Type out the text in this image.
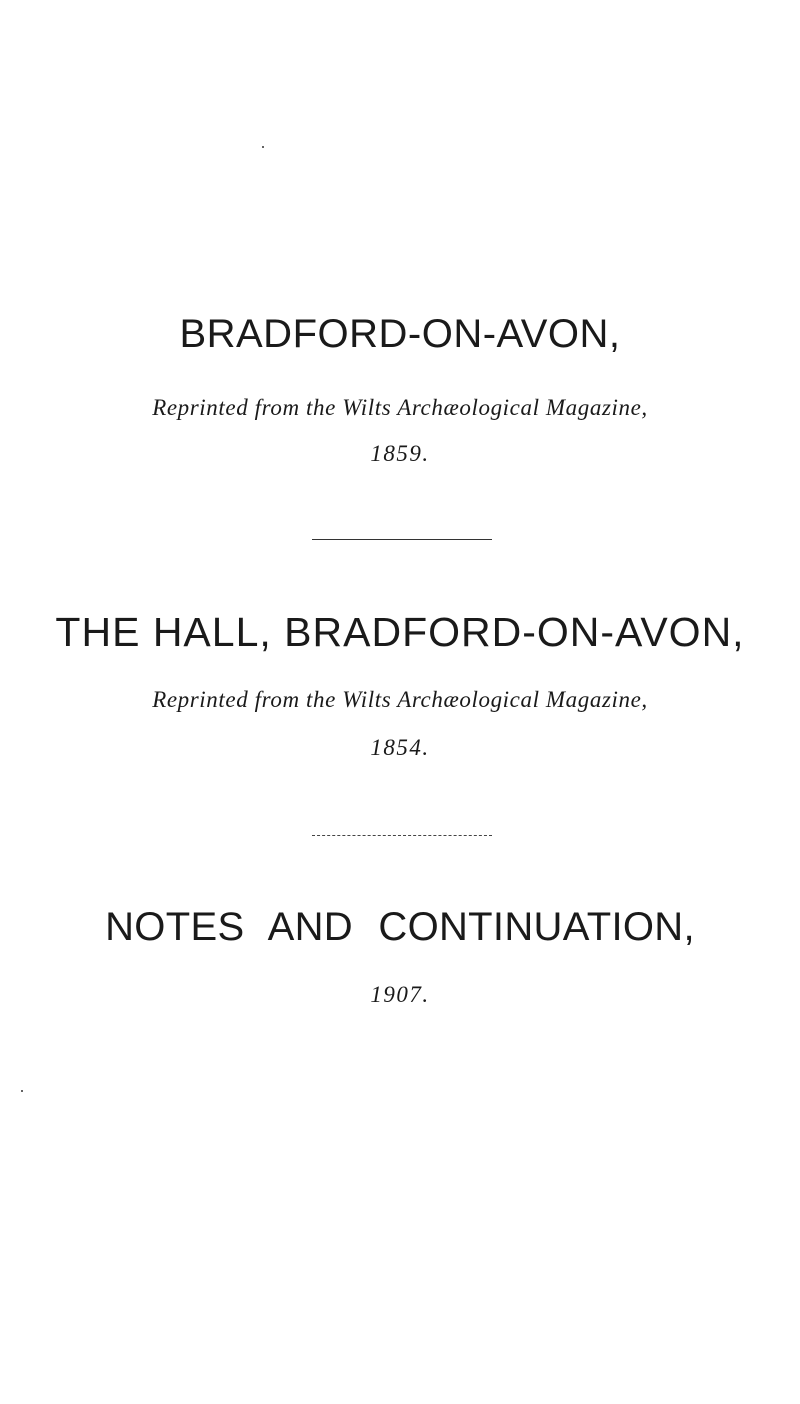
BRADFORD-ON-AVON,
Reprinted from the Wilts Archæological Magazine,
1859.
THE HALL, BRADFORD-ON-AVON,
Reprinted from the Wilts Archæological Magazine,
1854.
NOTES AND CONTINUATION,
1907.
